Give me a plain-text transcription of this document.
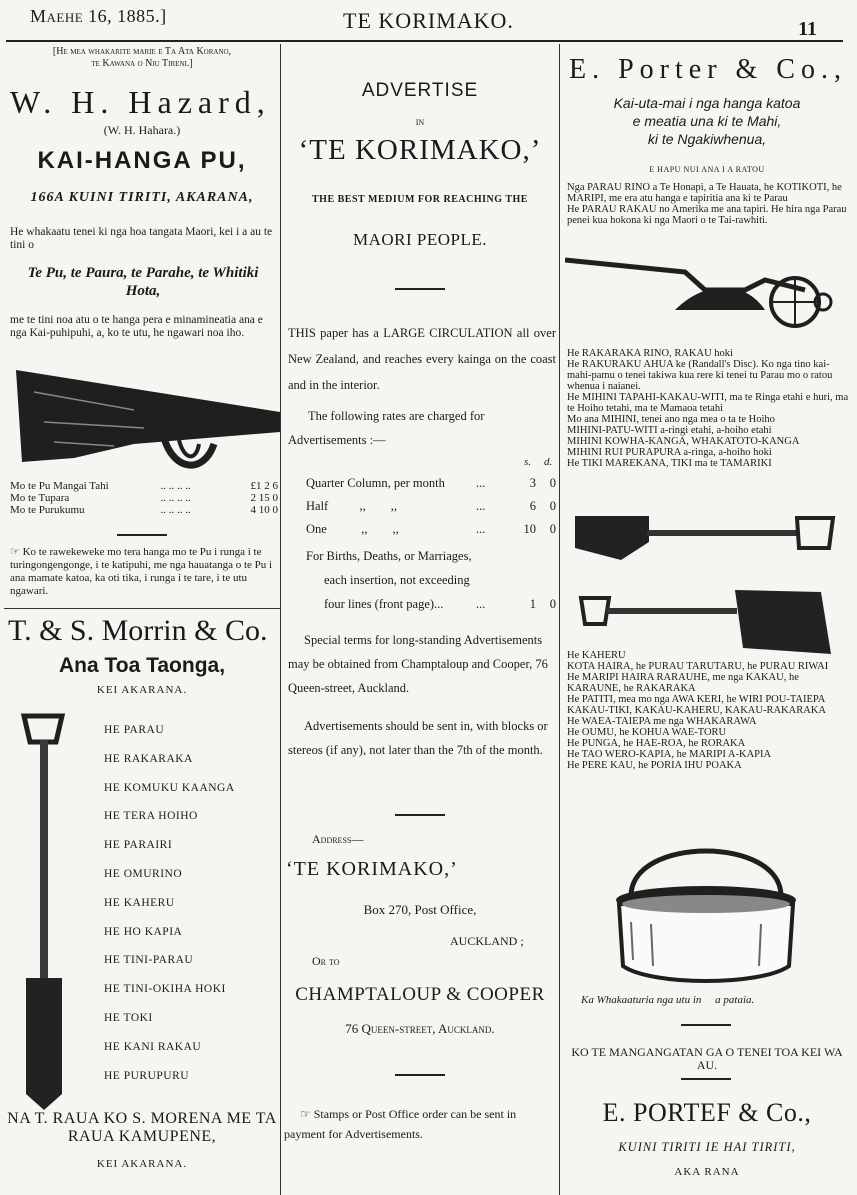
Maehe 16, 1885.]	TE KORIMAKO.	11
[He mea whakarite marie e Ta Ata Korano,
te Kawana o Niu Tireni.]
W. H. Hazard,
(W. H. Hahara.)
KAI-HANGA PU,
166A KUINI TIRITI, AKARANA,
He whakaatu tenei ki nga hoa tangata Maori, kei i a au te tini o
Te Pu, te Paura, te Parahe, te Whitiki Hota,
me te tini noa atu o te hanga pera e minamineatia ana e nga Kai-puhipuhi, a, ko te utu, he ngawari noa iho.
Mo te Pu Mangai Tahi	.. .. .. ..	£1 2 6
Mo te Tupara	.. .. .. ..	2 15 0
Mo te Purukumu	.. .. .. ..	4 10 0
☞ Ko te rawekeweke mo tera hanga mo te Pu i runga i te turingongengonge, i te katipuhi, me nga hauatanga o te Pu i ana mamate katoa, ka oti tika, i runga i te tare, i te utu ngawari.
T. & S. Morrin & Co.
Ana Toa Taonga,
KEI AKARANA.
HE PARAU
HE RAKARAKA
HE KOMUKU KAANGA
HE TERA HOIHO
HE PARAIRI
HE OMURINO
HE KAHERU
HE HO KAPIA
HE TINI-PARAU
HE TINI-OKIHA HOKI
HE TOKI
HE KANI RAKAU
HE PURUPURU
NA T. RAUA KO S. MORENA ME TA RAUA KAMUPENE,
KEI AKARANA.
ADVERTISE
IN
‘TE KORIMAKO,’
THE BEST MEDIUM FOR REACHING THE
MAORI PEOPLE.
THIS paper has a LARGE CIRCULATION all over New Zealand, and reaches every kainga on the coast and in the interior.
The following rates are charged for Advertisements :—
s. d.
Quarter Column, per month	...	3	0
Half          ,,        ,,	...	6	0
One           ,,        ,,	...	10	0
For Births, Deaths, or Marriages,
each insertion, not exceeding
four lines (front page)...	...	1	0
Special terms for long-standing Advertisements may be obtained from Champtaloup and Cooper, 76 Queen-street, Auckland.
Advertisements should be sent in, with blocks or stereos (if any), not later than the 7th of the month.
Address—
‘TE KORIMAKO,’
Box 270, Post Office,
AUCKLAND ;
Or to
CHAMPTALOUP & COOPER
76 Queen-street, Auckland.
☞ Stamps or Post Office order can be sent in payment for Advertisements.
E. Porter & Co.,
Kai-uta-mai i nga hanga katoa
e meatia una ki te Mahi,
ki te Ngakiwhenua,
E HAPU NUI ANA I A RATOU
Nga PARAU RINO a Te Honapi, a Te Hauata, he KOTIKOTI, he MARIPI, me era atu hanga e tapiritia ana ki te Parau
He PARAU RAKAU no Amerika me ana tapiri. He hira nga Parau penei kua hokona ki nga Maori o te Tai-rawhiti.
He RAKARAKA RINO, RAKAU hoki
He RAKURAKU AHUA ke (Randall's Disc). Ko nga tino kai-mahi-pamu o tenei takiwa kua rere ki tenei tu Parau mo o ratou whenua i naianei.
He MIHINI TAPAHI-KAKAU-WITI, ma te Ringa etahi e huri, ma te Hoiho tetahi, ma te Mamaoa tetahi
Mo ana MIHINI, tenei ano nga mea o ta te Hoiho
MIHINI-PATU-WITI a-ringi etahi, a-hoiho etahi
MIHINI KOWHA-KANGA, WHAKATOTO-KANGA
MIHINI RUI PURAPURA a-ringa, a-hoiho hoki
He TIKI MAREKANA, TIKI ma te TAMARIKI
He KAHERU
KOTA HAIRA, he PURAU TARUTARU, he PURAU RIWAI
He MARIPI HAIRA RARAUHE, me nga KAKAU, he KARAUNE, he RAKARAKA
He PATITI, mea mo nga AWA KERI, he WIRI POU-TAIEPA
KAKAU-TIKI, KAKAU-KAHERU, KAKAU-RAKARAKA
He WAEA-TAIEPA me nga WHAKARAWA
He OUMU, he KOHUA WAE-TORU
He PUNGA, he HAE-ROA, he RORAKA
He TAO WERO-KAPIA, he MARIPI A-KAPIA
He PERE KAU, he PORIA IHU POAKA
Ka Whakaaturia nga utu in     a pataia.
KO TE MANGANGATAN GA O TENEI TOA KEI WA AU.
E. PORTEF & Co.,
KUINI TIRITI IE HAI TIRITI,
AKA RANA
